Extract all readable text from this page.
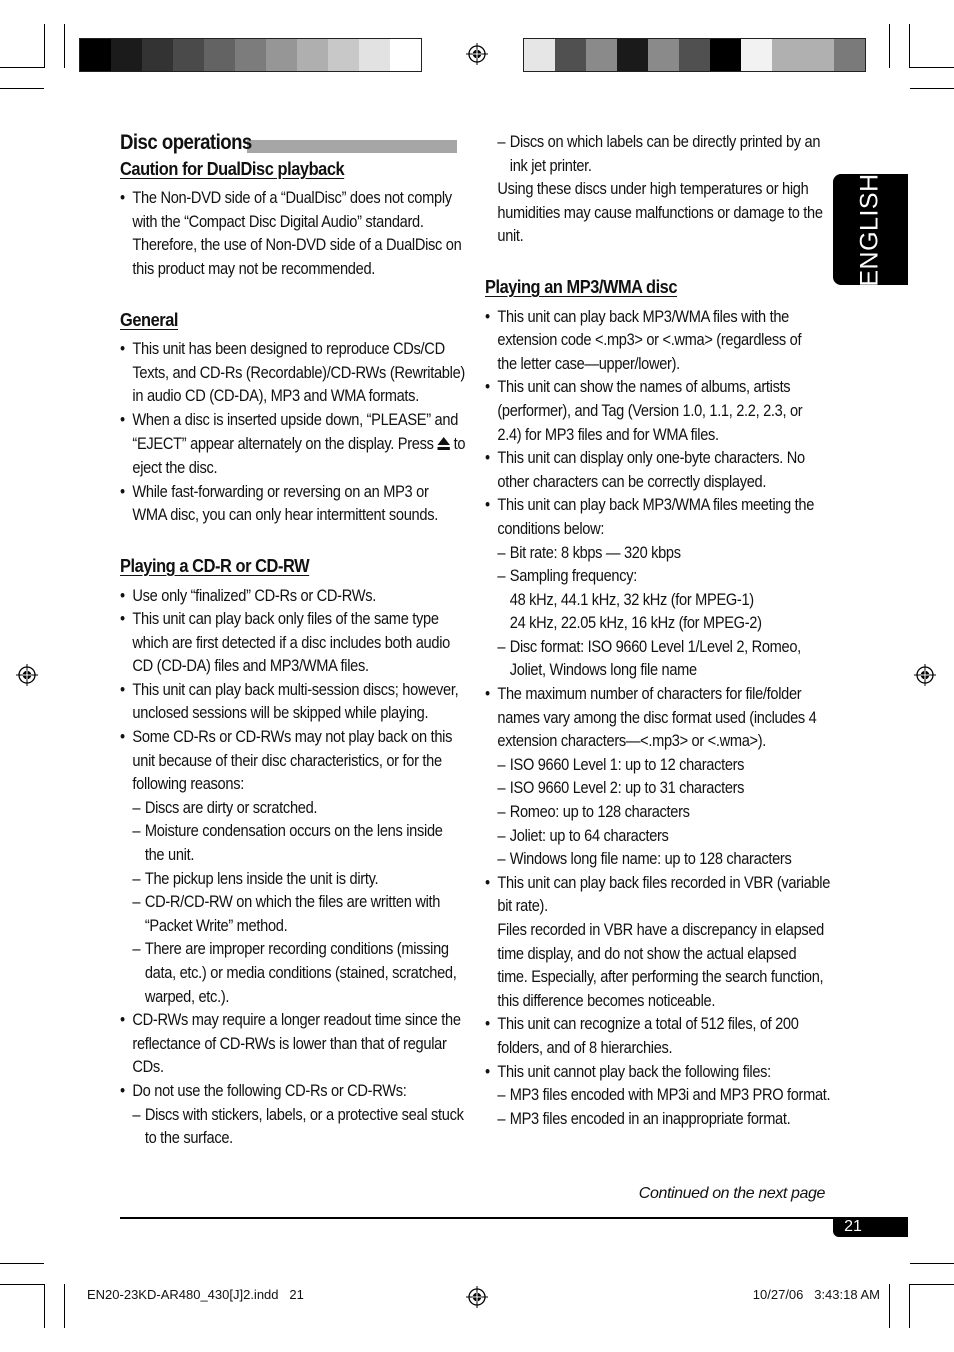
ENGLISH
Disc operations
Caution for DualDisc playback
• The Non-DVD side of a “DualDisc” does not comply
with the “Compact Disc Digital Audio” standard.
Therefore, the use of Non-DVD side of a DualDisc on
this product may not be recommended.
General
• This unit has been designed to reproduce CDs/CD
Texts, and CD-Rs (Recordable)/CD-RWs (Rewritable)
in audio CD (CD-DA), MP3 and WMA formats.
• When a disc is inserted upside down, “PLEASE” and
“EJECT” appear alternately on the display. Press  to
eject the disc.
• While fast-forwarding or reversing on an MP3 or
WMA disc, you can only hear intermittent sounds.
Playing a CD-R or CD-RW
• Use only “finalized” CD-Rs or CD-RWs.
• This unit can play back only files of the same type
which are first detected if a disc includes both audio
CD (CD-DA) files and MP3/WMA files.
• This unit can play back multi-session discs; however,
unclosed sessions will be skipped while playing.
• Some CD-Rs or CD-RWs may not play back on this
unit because of their disc characteristics, or for the
following reasons:
– Discs are dirty or scratched.
– Moisture condensation occurs on the lens inside
the unit.
– The pickup lens inside the unit is dirty.
– CD-R/CD-RW on which the files are written with
“Packet Write” method.
– There are improper recording conditions (missing
data, etc.) or media conditions (stained, scratched,
warped, etc.).
• CD-RWs may require a longer readout time since the
reflectance of CD-RWs is lower than that of regular
CDs.
• Do not use the following CD-Rs or CD-RWs:
– Discs with stickers, labels, or a protective seal stuck
to the surface.
– Discs on which labels can be directly printed by an
ink jet printer.
Using these discs under high temperatures or high
humidities may cause malfunctions or damage to the
unit.
Playing an MP3/WMA disc
• This unit can play back MP3/WMA files with the
extension code <.mp3> or <.wma> (regardless of
the letter case—upper/lower).
• This unit can show the names of albums, artists
(performer), and Tag (Version 1.0, 1.1, 2.2, 2.3, or
2.4) for MP3 files and for WMA files.
• This unit can display only one-byte characters. No
other characters can be correctly displayed.
• This unit can play back MP3/WMA files meeting the
conditions below:
– Bit rate: 8 kbps — 320 kbps
– Sampling frequency:
48 kHz, 44.1 kHz, 32 kHz (for MPEG-1)
24 kHz, 22.05 kHz, 16 kHz (for MPEG-2)
– Disc format: ISO 9660 Level 1/Level 2, Romeo,
Joliet, Windows long file name
• The maximum number of characters for file/folder
names vary among the disc format used (includes 4
extension characters—<.mp3> or <.wma>).
– ISO 9660 Level 1: up to 12 characters
– ISO 9660 Level 2: up to 31 characters
– Romeo: up to 128 characters
– Joliet: up to 64 characters
– Windows long file name: up to 128 characters
• This unit can play back files recorded in VBR (variable
bit rate).
Files recorded in VBR have a discrepancy in elapsed
time display, and do not show the actual elapsed
time. Especially, after performing the search function,
this difference becomes noticeable.
• This unit can recognize a total of 512 files, of 200
folders, and of 8 hierarchies.
• This unit cannot play back the following files:
– MP3 files encoded with MP3i and MP3 PRO format.
– MP3 files encoded in an inappropriate format.
Continued on the next page
21
EN20-23KD-AR480_430[J]2.indd   21	10/27/06   3:43:18 AM
